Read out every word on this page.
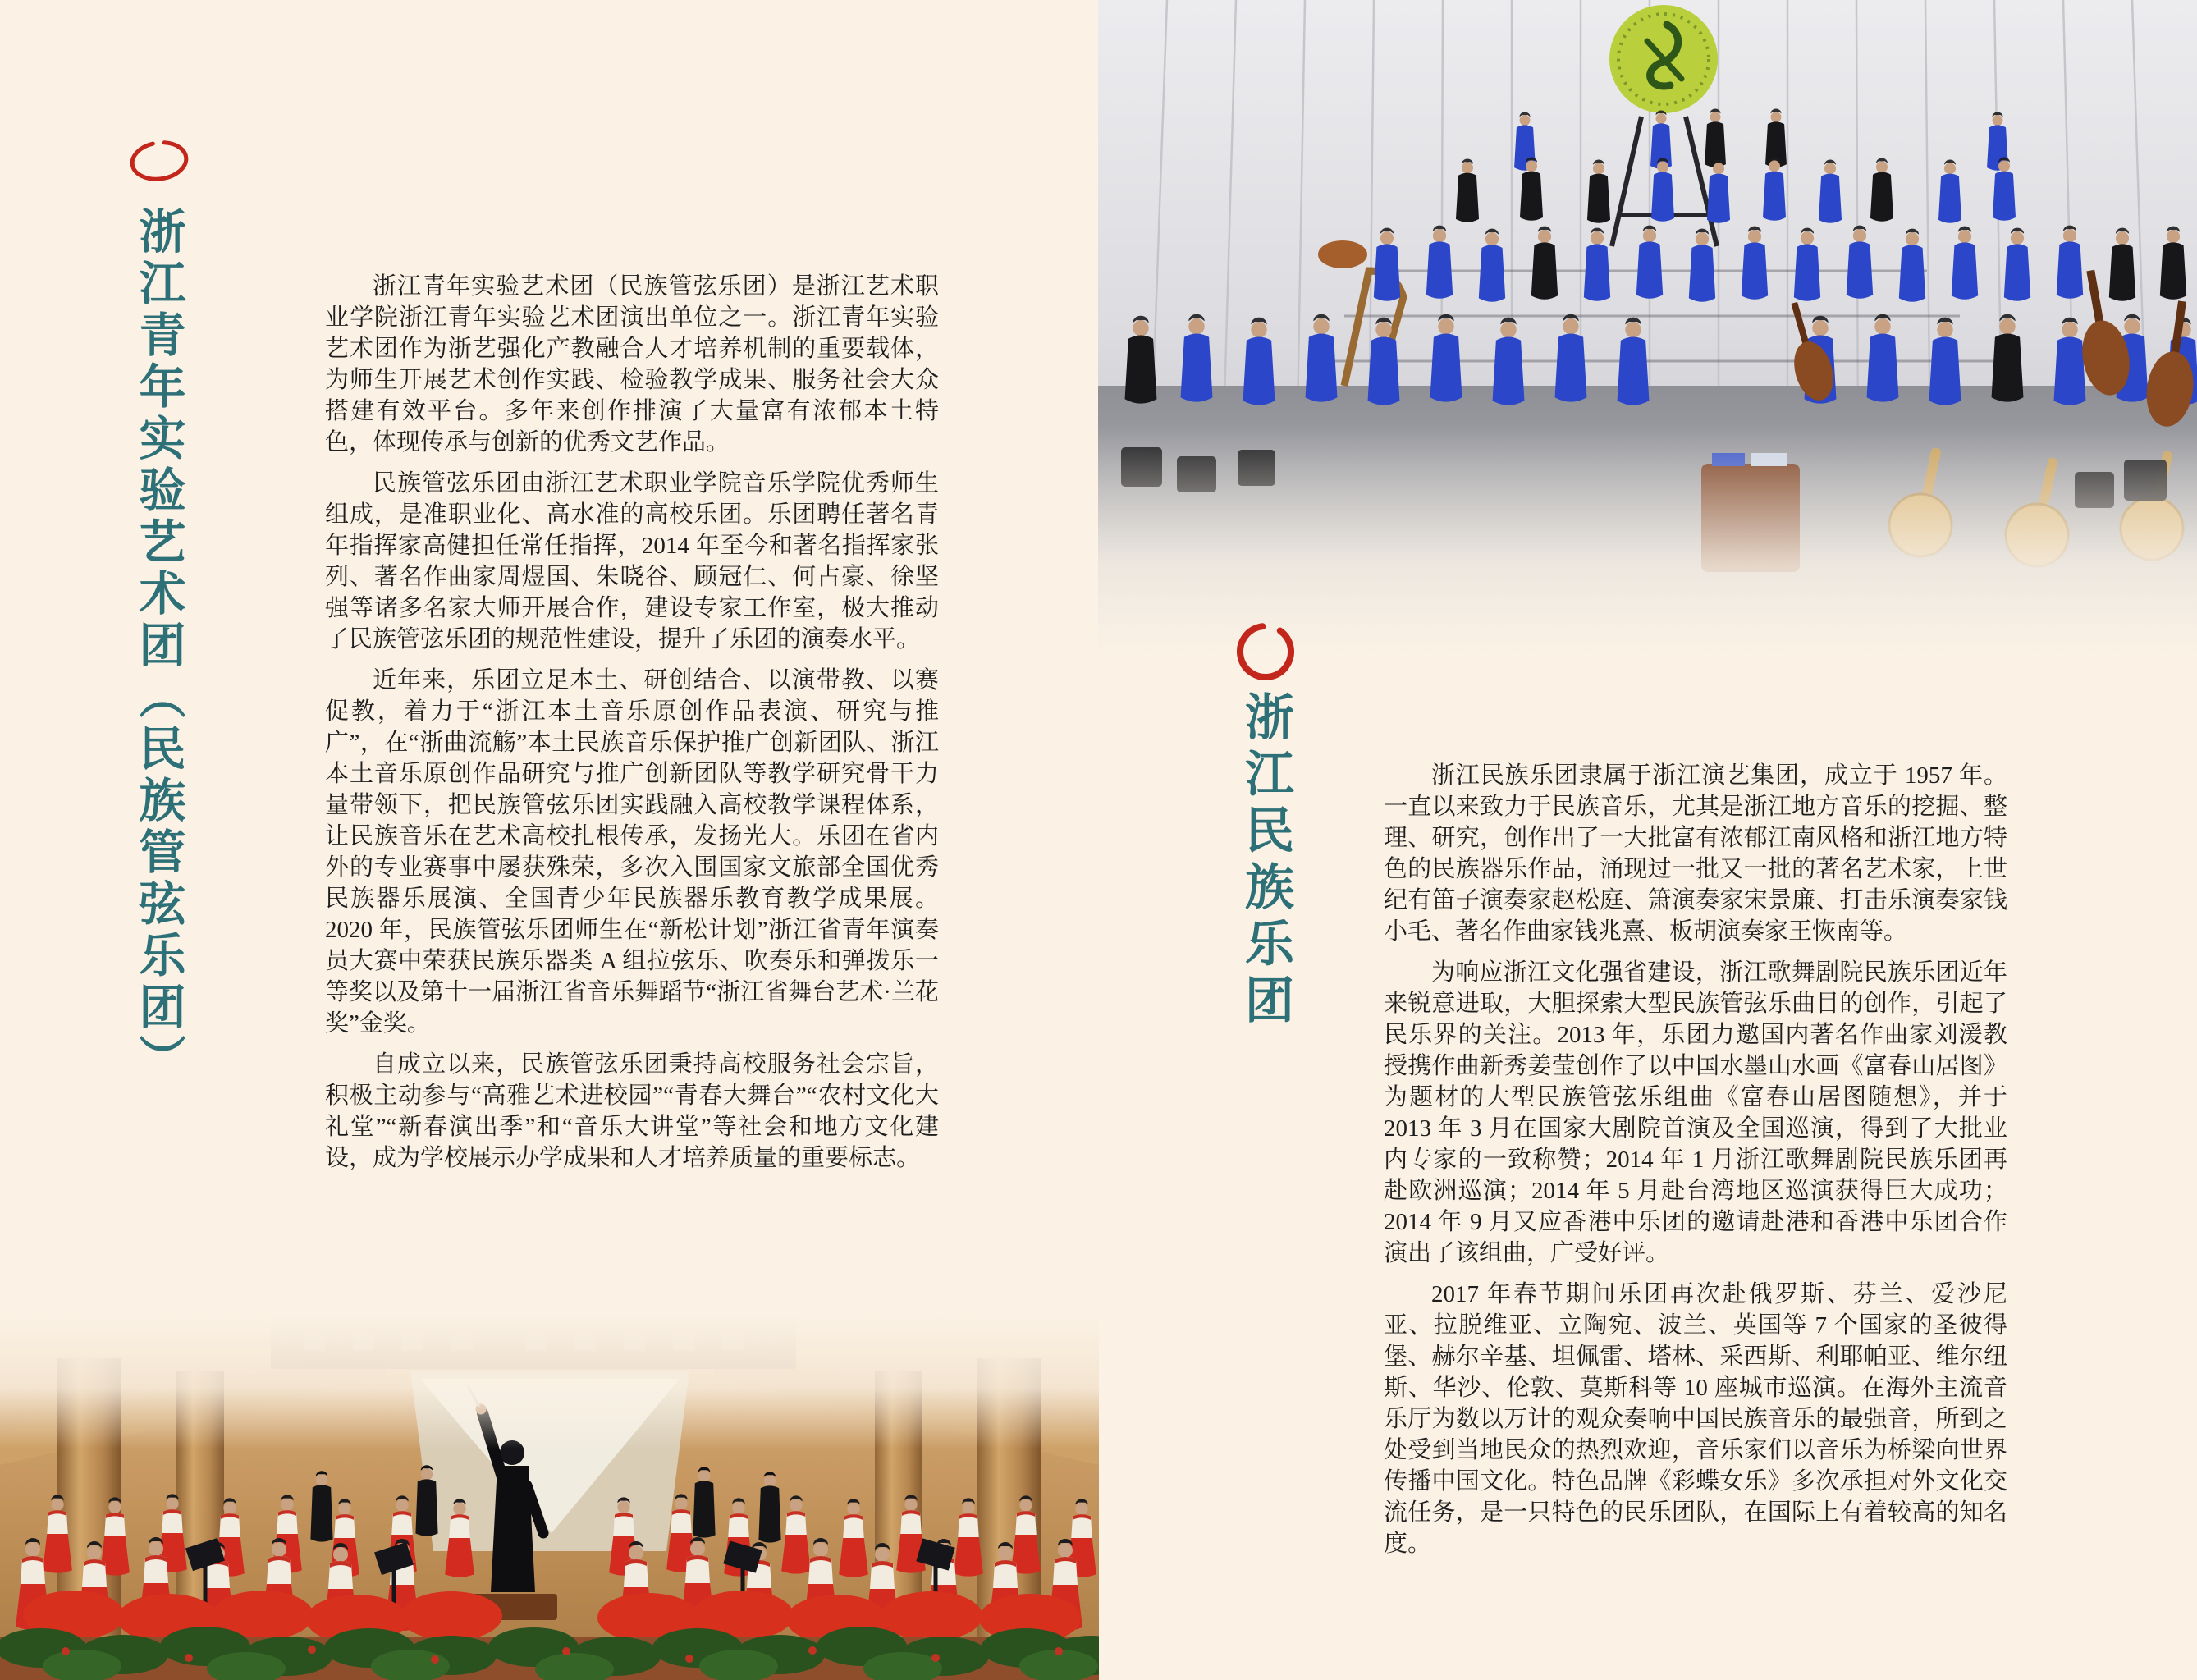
浙江青年实验艺术团（民族管弦乐团）	浙江青年实验艺术团（民族管弦乐团）是浙江艺术职业学院浙江青年实验艺术团演出单位之一。浙江青年实验艺术团作为浙艺强化产教融合人才培养机制的重要载体，为师生开展艺术创作实践、检验教学成果、服务社会大众搭建有效平台。多年来创作排演了大量富有浓郁本土特色，体现传承与创新的优秀文艺作品。

民族管弦乐团由浙江艺术职业学院音乐学院优秀师生组成，是准职业化、高水准的高校乐团。乐团聘任著名青年指挥家高健担任常任指挥，2014 年至今和著名指挥家张列、著名作曲家周煜国、朱晓谷、顾冠仁、何占豪、徐坚强等诸多名家大师开展合作，建设专家工作室，极大推动了民族管弦乐团的规范性建设，提升了乐团的演奏水平。

近年来，乐团立足本土、研创结合、以演带教、以赛促教，着力于“浙江本土音乐原创作品表演、研究与推广”，在“浙曲流觞”本土民族音乐保护推广创新团队、浙江本土音乐原创作品研究与推广创新团队等教学研究骨干力量带领下，把民族管弦乐团实践融入高校教学课程体系，让民族音乐在艺术高校扎根传承，发扬光大。乐团在省内外的专业赛事中屡获殊荣，多次入围国家文旅部全国优秀民族器乐展演、全国青少年民族器乐教育教学成果展。2020 年，民族管弦乐团师生在“新松计划”浙江省青年演奏员大赛中荣获民族乐器类 A 组拉弦乐、吹奏乐和弹拨乐一等奖以及第十一届浙江省音乐舞蹈节“浙江省舞台艺术·兰花奖”金奖。

自成立以来，民族管弦乐团秉持高校服务社会宗旨，积极主动参与“高雅艺术进校园”“青春大舞台”“农村文化大礼堂”“新春演出季”和“音乐大讲堂”等社会和地方文化建设，成为学校展示办学成果和人才培养质量的重要标志。

浙江民族乐团	浙江民族乐团隶属于浙江演艺集团，成立于 1957 年。一直以来致力于民族音乐，尤其是浙江地方音乐的挖掘、整理、研究，创作出了一大批富有浓郁江南风格和浙江地方特色的民族器乐作品，涌现过一批又一批的著名艺术家，上世纪有笛子演奏家赵松庭、箫演奏家宋景廉、打击乐演奏家钱小毛、著名作曲家钱兆熹、板胡演奏家王恢南等。

为响应浙江文化强省建设，浙江歌舞剧院民族乐团近年来锐意进取，大胆探索大型民族管弦乐曲目的创作，引起了民乐界的关注。2013 年，乐团力邀国内著名作曲家刘湲教授携作曲新秀姜莹创作了以中国水墨山水画《富春山居图》为题材的大型民族管弦乐组曲《富春山居图随想》，并于 2013 年 3 月在国家大剧院首演及全国巡演，得到了大批业内专家的一致称赞；2014 年 1 月浙江歌舞剧院民族乐团再赴欧洲巡演；2014 年 5 月赴台湾地区巡演获得巨大成功；2014 年 9 月又应香港中乐团的邀请赴港和香港中乐团合作演出了该组曲，广受好评。

2017 年春节期间乐团再次赴俄罗斯、芬兰、爱沙尼亚、拉脱维亚、立陶宛、波兰、英国等 7 个国家的圣彼得堡、赫尔辛基、坦佩雷、塔林、采西斯、利耶帕亚、维尔纽斯、华沙、伦敦、莫斯科等 10 座城市巡演。在海外主流音乐厅为数以万计的观众奏响中国民族音乐的最强音，所到之处受到当地民众的热烈欢迎，音乐家们以音乐为桥梁向世界传播中国文化。特色品牌《彩蝶女乐》多次承担对外文化交流任务，是一只特色的民乐团队，在国际上有着较高的知名度。
